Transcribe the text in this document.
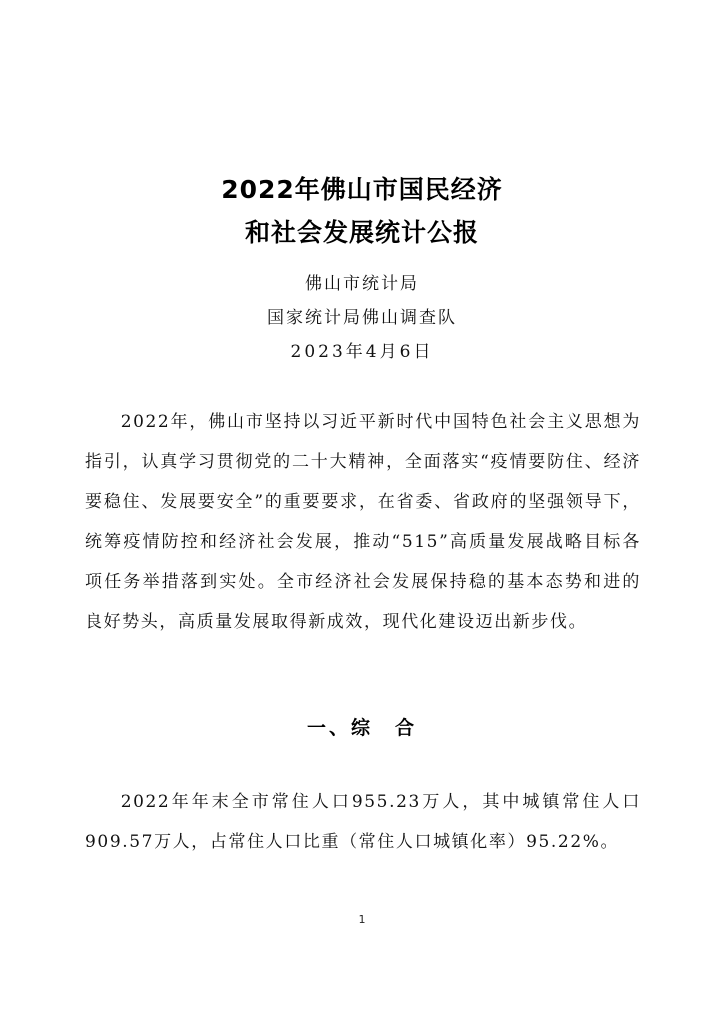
2022年佛山市国民经济
和社会发展统计公报
佛山市统计局
国家统计局佛山调查队
2023年4月6日

2022年，佛山市坚持以习近平新时代中国特色社会主义思想为指引，认真学习贯彻党的二十大精神，全面落实“疫情要防住、经济要稳住、发展要安全”的重要要求，在省委、省政府的坚强领导下，统筹疫情防控和经济社会发展，推动“515”高质量发展战略目标各项任务举措落到实处。全市经济社会发展保持稳的基本态势和进的良好势头，高质量发展取得新成效，现代化建设迈出新步伐。

一、综　合

2022年年末全市常住人口955.23万人，其中城镇常住人口909.57万人，占常住人口比重（常住人口城镇化率）95.22%。

1
